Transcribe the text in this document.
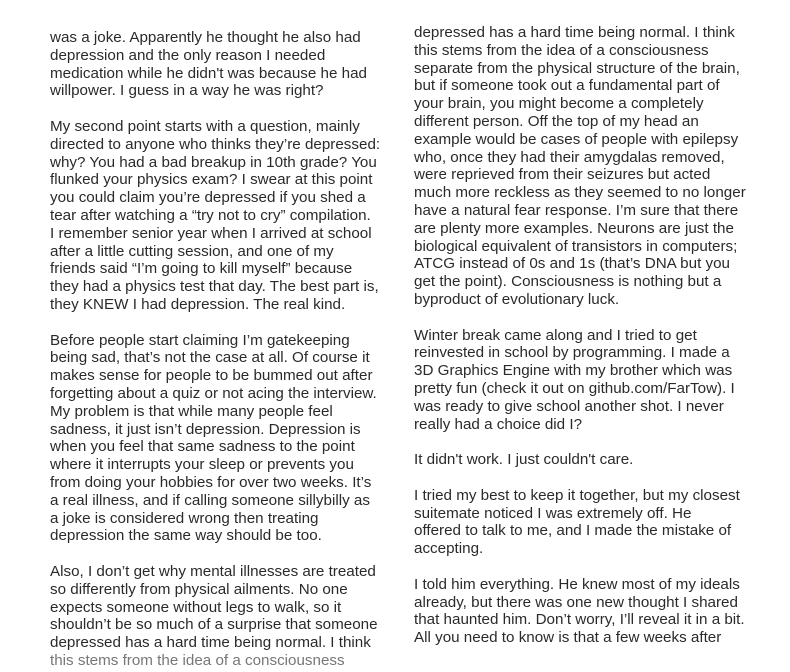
was a joke. Apparently he thought he also had
depression and the only reason I needed
medication while he didn't was because he had
willpower. I guess in a way he was right?
My second point starts with a question, mainly
directed to anyone who thinks they’re depressed:
why? You had a bad breakup in 10th grade? You
flunked your physics exam? I swear at this point
you could claim you’re depressed if you shed a
tear after watching a “try not to cry” compilation.
I remember senior year when I arrived at school
after a little cutting session, and one of my
friends said “I’m going to kill myself” because
they had a physics test that day. The best part is,
they KNEW I had depression. The real kind.
Before people start claiming I’m gatekeeping
being sad, that’s not the case at all. Of course it
makes sense for people to be bummed out after
forgetting about a quiz or not acing the interview.
My problem is that while many people feel
sadness, it just isn’t depression. Depression is
when you feel that same sadness to the point
where it interrupts your sleep or prevents you
from doing your hobbies for over two weeks. It’s
a real illness, and if calling someone sillybilly as
a joke is considered wrong then treating
depression the same way should be too.
Also, I don’t get why mental illnesses are treated
so differently from physical ailments. No one
expects someone without legs to walk, so it
shouldn’t be so much of a surprise that someone
depressed has a hard time being normal. I think
this stems from the idea of a consciousness
depressed has a hard time being normal. I think
this stems from the idea of a consciousness
separate from the physical structure of the brain,
but if someone took out a fundamental part of
your brain, you might become a completely
different person. Off the top of my head an
example would be cases of people with epilepsy
who, once they had their amygdalas removed,
were reprieved from their seizures but acted
much more reckless as they seemed to no longer
have a natural fear response. I’m sure that there
are plenty more examples. Neurons are just the
biological equivalent of transistors in computers;
ATCG instead of 0s and 1s (that’s DNA but you
get the point). Consciousness is nothing but a
byproduct of evolutionary luck.
Winter break came along and I tried to get
reinvested in school by programming. I made a
3D Graphics Engine with my brother which was
pretty fun (check it out on github.com/FarTow). I
was ready to give school another shot. I never
really had a choice did I?
It didn't work. I just couldn't care.
I tried my best to keep it together, but my closest
suitemate noticed I was extremely off. He
offered to talk to me, and I made the mistake of
accepting.
I told him everything. He knew most of my ideals
already, but there was one new thought I shared
that haunted him. Don’t worry, I’ll reveal it in a bit.
All you need to know is that a few weeks after
